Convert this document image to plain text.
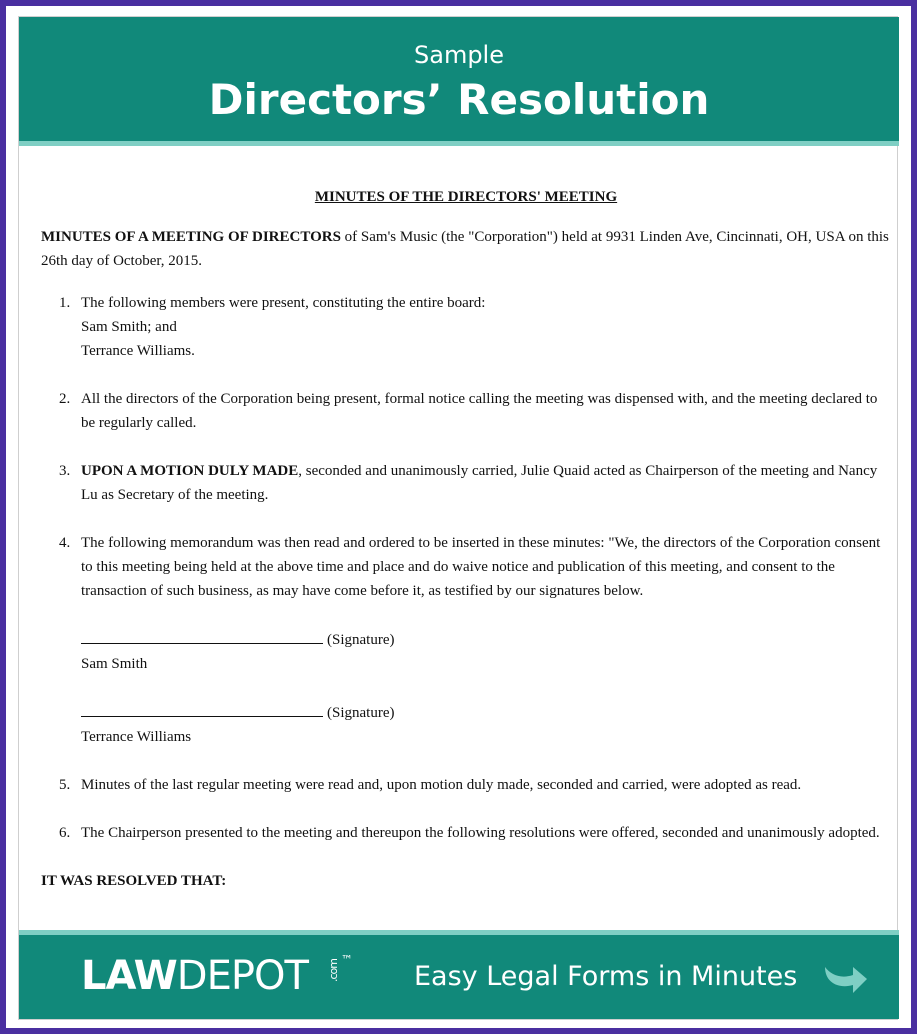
Sample
Directors’ Resolution
MINUTES OF THE DIRECTORS' MEETING

MINUTES OF A MEETING OF DIRECTORS of Sam's Music (the "Corporation") held at 9931 Linden Ave, Cincinnati, OH, USA on this 26th day of October, 2015.

1. The following members were present, constituting the entire board:
Sam Smith; and
Terrance Williams.
2. All the directors of the Corporation being present, formal notice calling the meeting was dispensed with, and the meeting declared to be regularly called.
3. UPON A MOTION DULY MADE, seconded and unanimously carried, Julie Quaid acted as Chairperson of the meeting and Nancy Lu as Secretary of the meeting.
4. The following memorandum was then read and ordered to be inserted in these minutes: "We, the directors of the Corporation consent to this meeting being held at the above time and place and do waive notice and publication of this meeting, and consent to the transaction of such business, as may have come before it, as testified by our signatures below.
(Signature)
Sam Smith
(Signature)
Terrance Williams
5. Minutes of the last regular meeting were read and, upon motion duly made, seconded and carried, were adopted as read.
6. The Chairperson presented to the meeting and thereupon the following resolutions were offered, seconded and unanimously adopted.
IT WAS RESOLVED THAT:
LAWDEPOT .com ™
Easy Legal Forms in Minutes
